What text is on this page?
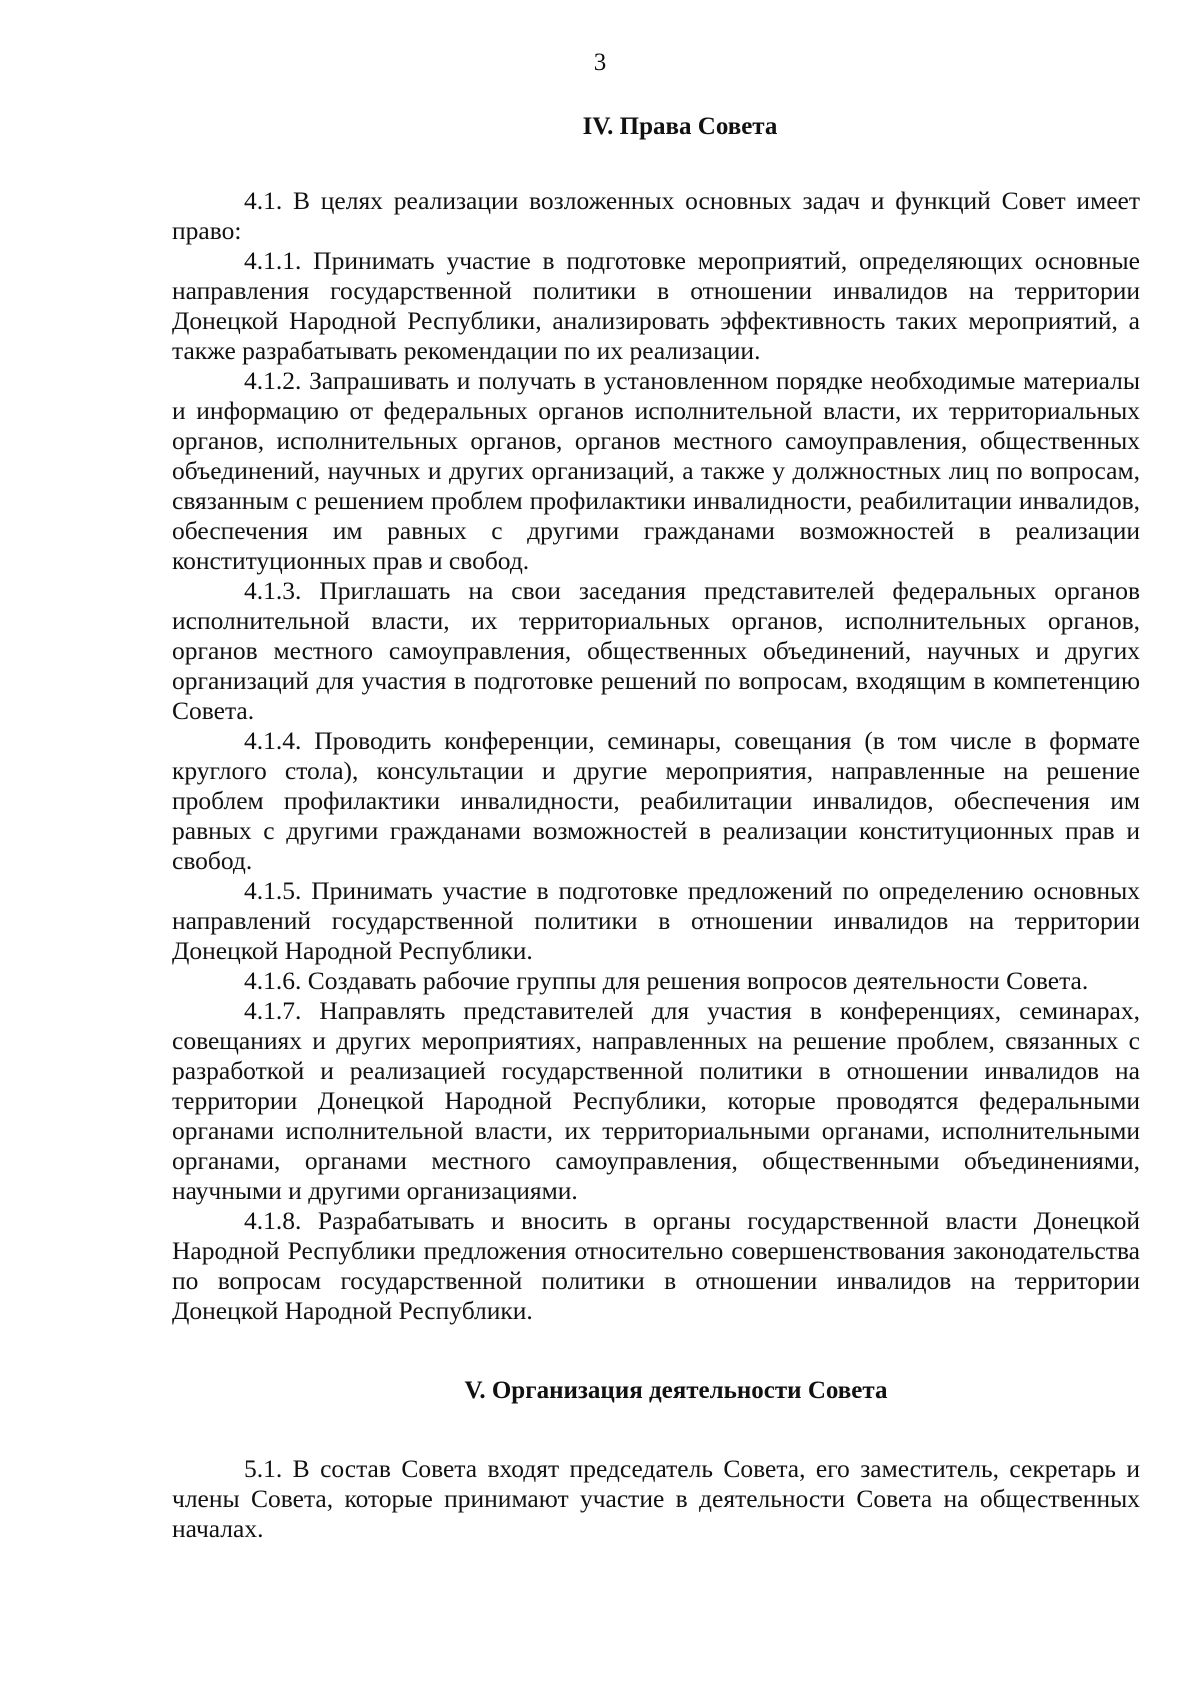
3
IV. Права Совета

4.1. В целях реализации возложенных основных задач и функций Совет имеет право:

4.1.1. Принимать участие в подготовке мероприятий, определяющих основные направления государственной политики в отношении инвалидов на территории Донецкой Народной Республики, анализировать эффективность таких мероприятий, а также разрабатывать рекомендации по их реализации.

4.1.2. Запрашивать и получать в установленном порядке необходимые материалы и информацию от федеральных органов исполнительной власти, их территориальных органов, исполнительных органов, органов местного самоуправления, общественных объединений, научных и других организаций, а также у должностных лиц по вопросам, связанным с решением проблем профилактики инвалидности, реабилитации инвалидов, обеспечения им равных с другими гражданами возможностей в реализации конституционных прав и свобод.

4.1.3. Приглашать на свои заседания представителей федеральных органов исполнительной власти, их территориальных органов, исполнительных органов, органов местного самоуправления, общественных объединений, научных и других организаций для участия в подготовке решений по вопросам, входящим в компетенцию Совета.

4.1.4. Проводить конференции, семинары, совещания (в том числе в формате круглого стола), консультации и другие мероприятия, направленные на решение проблем профилактики инвалидности, реабилитации инвалидов, обеспечения им равных с другими гражданами возможностей в реализации конституционных прав и свобод.

4.1.5. Принимать участие в подготовке предложений по определению основных направлений государственной политики в отношении инвалидов на территории Донецкой Народной Республики.

4.1.6. Создавать рабочие группы для решения вопросов деятельности Совета.

4.1.7. Направлять представителей для участия в конференциях, семинарах, совещаниях и других мероприятиях, направленных на решение проблем, связанных с разработкой и реализацией государственной политики в отношении инвалидов на территории Донецкой Народной Республики, которые проводятся федеральными органами исполнительной власти, их территориальными органами, исполнительными органами, органами местного самоуправления, общественными объединениями, научными и другими организациями.

4.1.8. Разрабатывать и вносить в органы государственной власти Донецкой Народной Республики предложения относительно совершенствования законодательства по вопросам государственной политики в отношении инвалидов на территории Донецкой Народной Республики.

V. Организация деятельности Совета

5.1. В состав Совета входят председатель Совета, его заместитель, секретарь и члены Совета, которые принимают участие в деятельности Совета на общественных началах.
